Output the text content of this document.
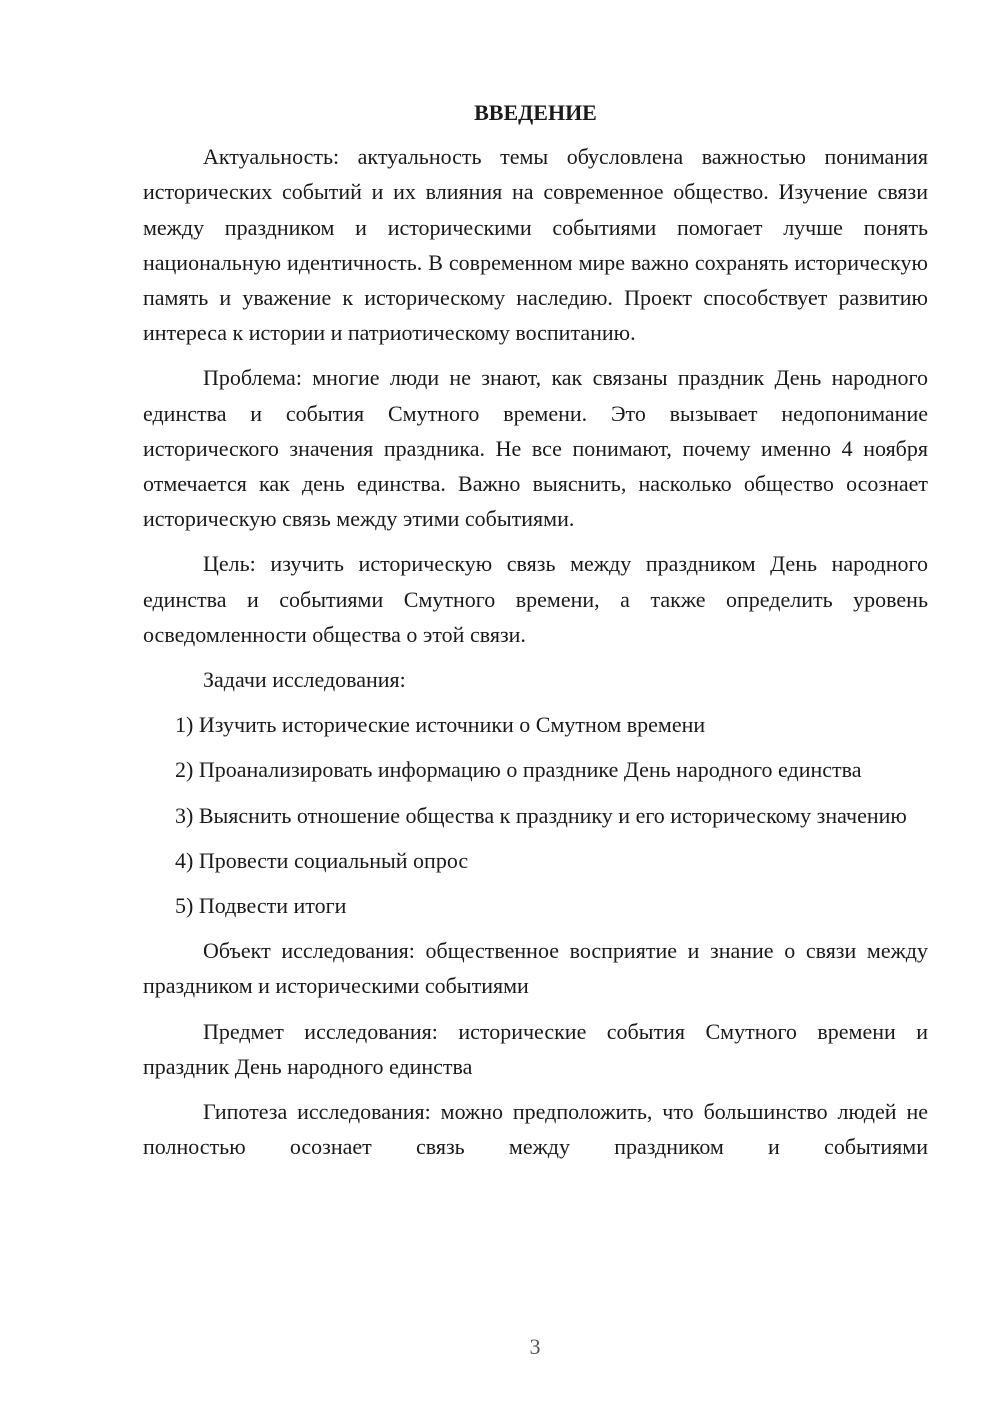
ВВЕДЕНИЕ

Актуальность: актуальность темы обусловлена важностью понимания исторических событий и их влияния на современное общество. Изучение связи между праздником и историческими событиями помогает лучше понять национальную идентичность. В современном мире важно сохранять историческую память и уважение к историческому наследию. Проект способствует развитию интереса к истории и патриотическому воспитанию.

Проблема: многие люди не знают, как связаны праздник День народного единства и события Смутного времени. Это вызывает недопонимание исторического значения праздника. Не все понимают, почему именно 4 ноября отмечается как день единства. Важно выяснить, насколько общество осознает историческую связь между этими событиями.

Цель: изучить историческую связь между праздником День народного единства и событиями Смутного времени, а также определить уровень осведомленности общества о этой связи.

Задачи исследования:

1) Изучить исторические источники о Смутном времени

2) Проанализировать информацию о празднике День народного единства

3) Выяснить отношение общества к празднику и его историческому значению

4) Провести социальный опрос

5) Подвести итоги

Объект исследования: общественное восприятие и знание о связи между праздником и историческими событиями

Предмет исследования: исторические события Смутного времени и праздник День народного единства

Гипотеза исследования: можно предположить, что большинство людей не полностью осознает связь между праздником и событиями

3
